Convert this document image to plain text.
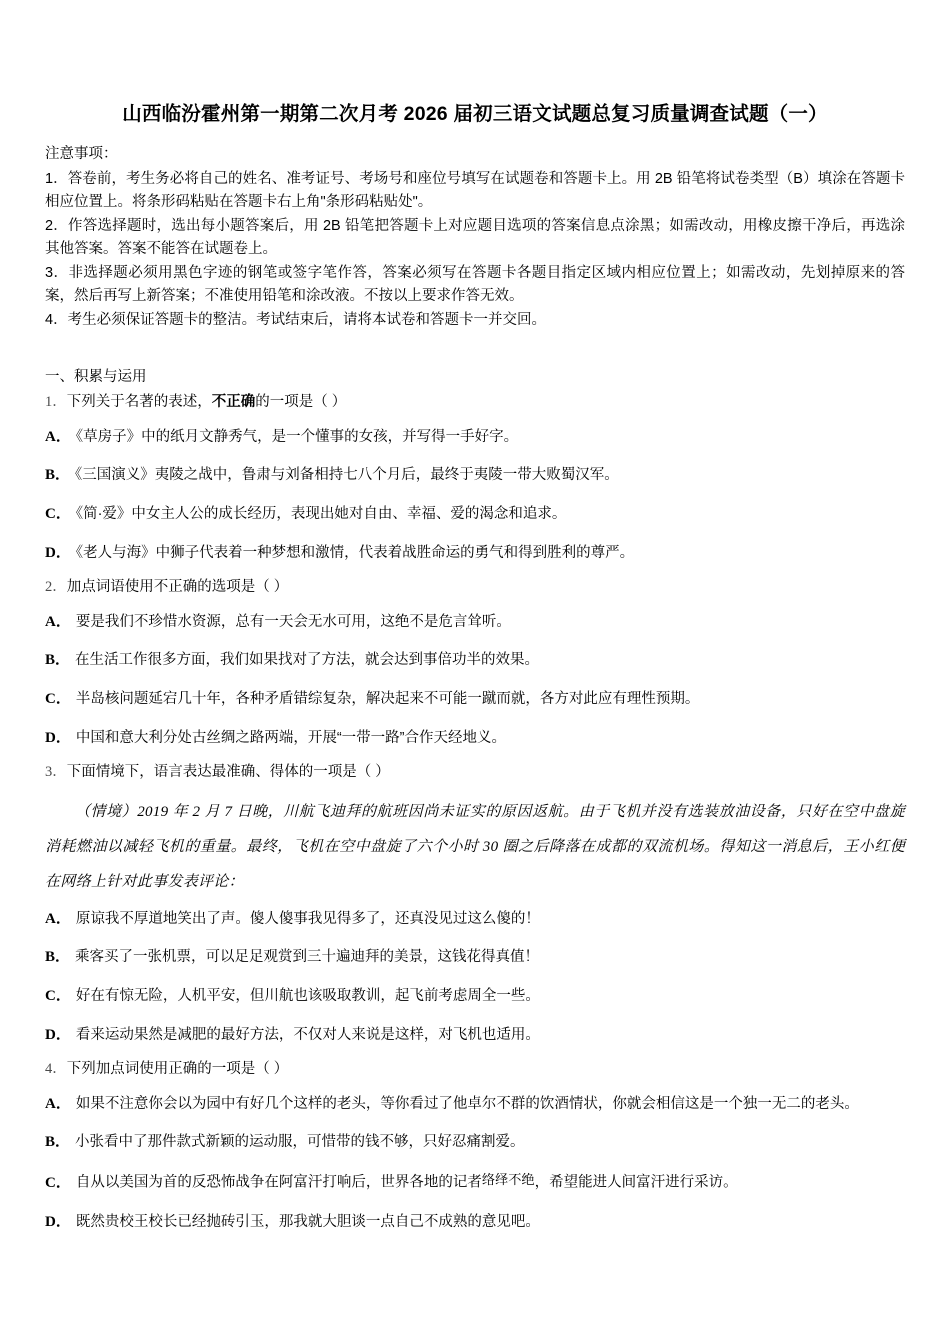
山西临汾霍州第一期第二次月考 2026 届初三语文试题总复习质量调查试题（一）

注意事项：

1．答卷前，考生务必将自己的姓名、准考证号、考场号和座位号填写在试题卷和答题卡上。用 2B 铅笔将试卷类型（B）填涂在答题卡相应位置上。将条形码粘贴在答题卡右上角"条形码粘贴处"。

2．作答选择题时，选出每小题答案后，用 2B 铅笔把答题卡上对应题目选项的答案信息点涂黑；如需改动，用橡皮擦干净后，再选涂其他答案。答案不能答在试题卷上。

3．非选择题必须用黑色字迹的钢笔或签字笔作答，答案必须写在答题卡各题目指定区域内相应位置上；如需改动，先划掉原来的答案，然后再写上新答案；不准使用铅笔和涂改液。不按以上要求作答无效。

4．考生必须保证答题卡的整洁。考试结束后，请将本试卷和答题卡一并交回。

一、积累与运用

1．下列关于名著的表述，不正确的一项是（ ）

A． 《草房子》中的纸月文静秀气，是一个懂事的女孩，并写得一手好字。

B． 《三国演义》夷陵之战中，鲁肃与刘备相持七八个月后，最终于夷陵一带大败蜀汉军。

C． 《简·爱》中女主人公的成长经历，表现出她对自由、幸福、爱的渴念和追求。

D． 《老人与海》中狮子代表着一种梦想和激情，代表着战胜命运的勇气和得到胜利的尊严。

2．加点词语使用不正确的选项是（ ）

A． 要是我们不珍惜水资源，总有一天会无水可用，这绝不是危言耸听。

B． 在生活工作很多方面，我们如果找对了方法，就会达到事倍功半的效果。

C． 半岛核问题延宕几十年，各种矛盾错综复杂，解决起来不可能一蹴而就，各方对此应有理性预期。

D． 中国和意大利分处古丝绸之路两端，开展“一带一路”合作天经地义。

3．下面情境下，语言表达最准确、得体的一项是（ ）

（情境）2019 年 2 月 7 日晚，川航飞迪拜的航班因尚未证实的原因返航。由于飞机并没有选装放油设备，只好在空中盘旋消耗燃油以减轻飞机的重量。最终，飞机在空中盘旋了六个小时 30 圈之后降落在成都的双流机场。得知这一消息后，王小红便在网络上针对此事发表评论：

A． 原谅我不厚道地笑出了声。傻人傻事我见得多了，还真没见过这么傻的！

B． 乘客买了一张机票，可以足足观赏到三十遍迪拜的美景，这钱花得真值！

C． 好在有惊无险，人机平安，但川航也该吸取教训，起飞前考虑周全一些。

D． 看来运动果然是减肥的最好方法，不仅对人来说是这样，对飞机也适用。

4．下列加点词使用正确的一项是（ ）

A． 如果不注意你会以为园中有好几个这样的老头，等你看过了他卓尔不群的饮酒情状，你就会相信这是一个独一无二的老头。

B． 小张看中了那件款式新颖的运动服，可惜带的钱不够，只好忍痛割爱。

C． 自从以美国为首的反恐怖战争在阿富汗打响后，世界各地的记者络绎不绝，希望能进人间富汗进行采访。

D． 既然贵校王校长已经抛砖引玉，那我就大胆谈一点自己不成熟的意见吧。
